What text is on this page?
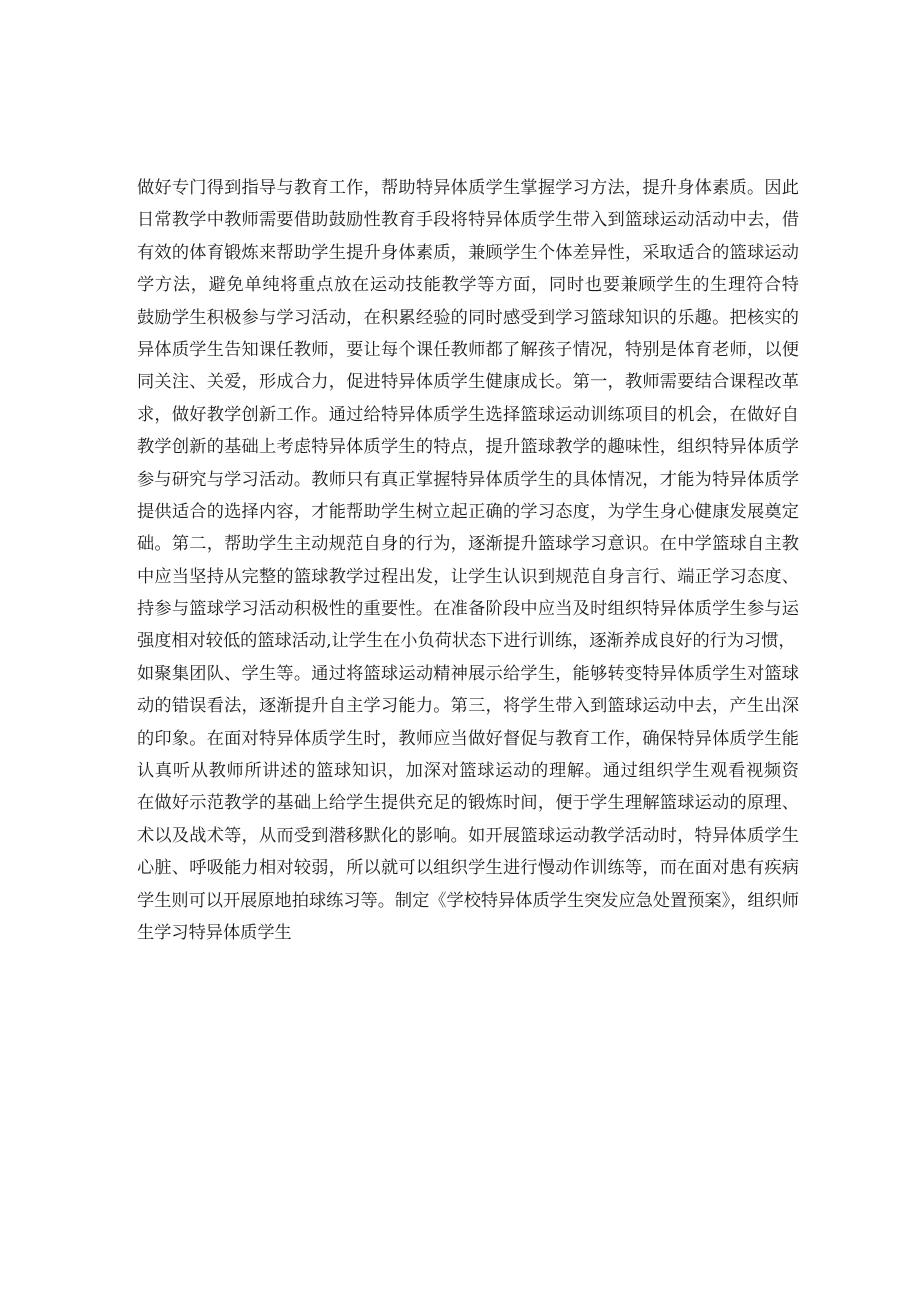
做好专门得到指导与教育工作，帮助特异体质学生掌握学习方法，提升身体素质。因此
日常教学中教师需要借助鼓励性教育手段将特异体质学生带入到篮球运动活动中去，借
有效的体育锻炼来帮助学生提升身体素质，兼顾学生个体差异性，采取适合的篮球运动
学方法，避免单纯将重点放在运动技能教学等方面，同时也要兼顾学生的生理符合特
鼓励学生积极参与学习活动，在积累经验的同时感受到学习篮球知识的乐趣。把核实的
异体质学生告知课任教师，要让每个课任教师都了解孩子情况，特别是体育老师，以便
同关注、关爱，形成合力，促进特异体质学生健康成长。第一，教师需要结合课程改革
求，做好教学创新工作。通过给特异体质学生选择篮球运动训练项目的机会，在做好自
教学创新的基础上考虑特异体质学生的特点，提升篮球教学的趣味性，组织特异体质学
参与研究与学习活动。教师只有真正掌握特异体质学生的具体情况，才能为特异体质学
提供适合的选择内容，才能帮助学生树立起正确的学习态度，为学生身心健康发展奠定
础。第二，帮助学生主动规范自身的行为，逐渐提升篮球学习意识。在中学篮球自主教
中应当坚持从完整的篮球教学过程出发，让学生认识到规范自身言行、端正学习态度、
持参与篮球学习活动积极性的重要性。在准备阶段中应当及时组织特异体质学生参与运
强度相对较低的篮球活动,让学生在小负荷状态下进行训练，逐渐养成良好的行为习惯，
如聚集团队、学生等。通过将篮球运动精神展示给学生，能够转变特异体质学生对篮球
动的错误看法，逐渐提升自主学习能力。第三，将学生带入到篮球运动中去，产生出深
的印象。在面对特异体质学生时，教师应当做好督促与教育工作，确保特异体质学生能
认真听从教师所讲述的篮球知识，加深对篮球运动的理解。通过组织学生观看视频资
在做好示范教学的基础上给学生提供充足的锻炼时间，便于学生理解篮球运动的原理、
术以及战术等，从而受到潜移默化的影响。如开展篮球运动教学活动时，特异体质学生
心脏、呼吸能力相对较弱，所以就可以组织学生进行慢动作训练等，而在面对患有疾病
学生则可以开展原地拍球练习等。制定《学校特异体质学生突发应急处置预案》，组织师
生学习特异体质学生
